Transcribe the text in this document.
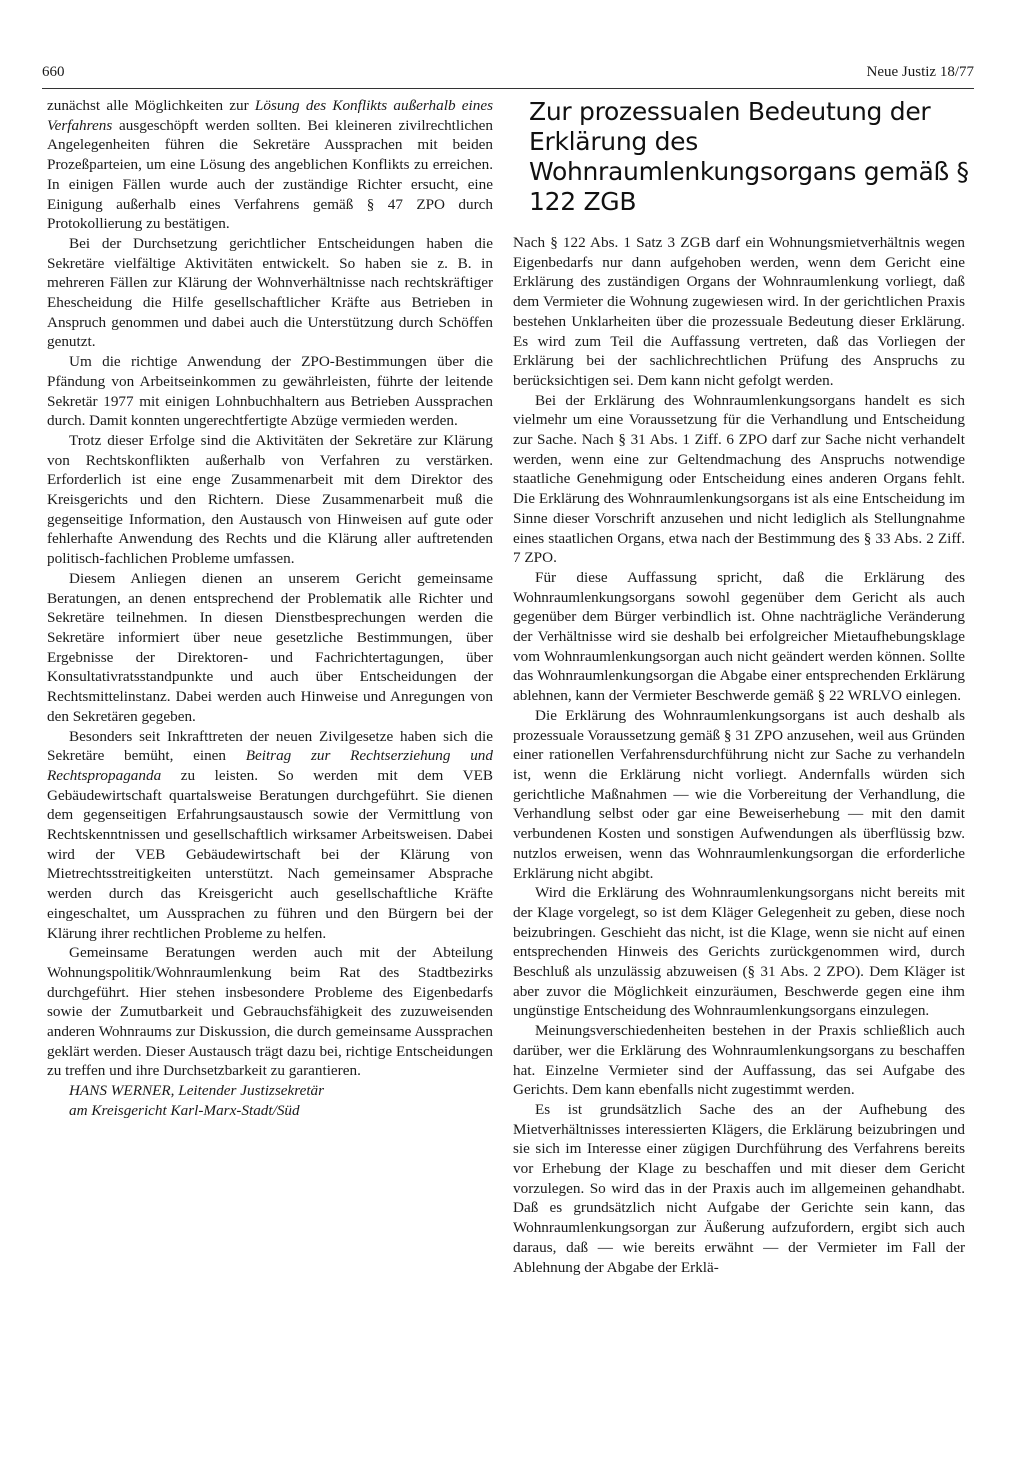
660	Neue Justiz 18/77

zunächst alle Möglichkeiten zur Lösung des Konflikts außerhalb eines Verfahrens ausgeschöpft werden sollten. Bei kleineren zivilrechtlichen Angelegenheiten führen die Sekretäre Aussprachen mit beiden Prozeßparteien, um eine Lösung des angeblichen Konflikts zu erreichen. In einigen Fällen wurde auch der zuständige Richter ersucht, eine Einigung außerhalb eines Verfahrens gemäß § 47 ZPO durch Protokollierung zu bestätigen.

Bei der Durchsetzung gerichtlicher Entscheidungen haben die Sekretäre vielfältige Aktivitäten entwickelt. So haben sie z. B. in mehreren Fällen zur Klärung der Wohnverhältnisse nach rechtskräftiger Ehescheidung die Hilfe gesellschaftlicher Kräfte aus Betrieben in Anspruch genommen und dabei auch die Unterstützung durch Schöffen genutzt.

Um die richtige Anwendung der ZPO-Bestimmungen über die Pfändung von Arbeitseinkommen zu gewährleisten, führte der leitende Sekretär 1977 mit einigen Lohnbuchhaltern aus Betrieben Aussprachen durch. Damit konnten ungerechtfertigte Abzüge vermieden werden.

Trotz dieser Erfolge sind die Aktivitäten der Sekretäre zur Klärung von Rechtskonflikten außerhalb von Verfahren zu verstärken. Erforderlich ist eine enge Zusammenarbeit mit dem Direktor des Kreisgerichts und den Richtern. Diese Zusammenarbeit muß die gegenseitige Information, den Austausch von Hinweisen auf gute oder fehlerhafte Anwendung des Rechts und die Klärung aller auftretenden politisch-fachlichen Probleme umfassen.

Diesem Anliegen dienen an unserem Gericht gemeinsame Beratungen, an denen entsprechend der Problematik alle Richter und Sekretäre teilnehmen. In diesen Dienstbesprechungen werden die Sekretäre informiert über neue gesetzliche Bestimmungen, über Ergebnisse der Direktoren- und Fachrichtertagungen, über Konsultativratsstandpunkte und auch über Entscheidungen der Rechtsmittelinstanz. Dabei werden auch Hinweise und Anregungen von den Sekretären gegeben.

Besonders seit Inkrafttreten der neuen Zivilgesetze haben sich die Sekretäre bemüht, einen Beitrag zur Rechtserziehung und Rechtspropaganda zu leisten. So werden mit dem VEB Gebäudewirtschaft quartalsweise Beratungen durchgeführt. Sie dienen dem gegenseitigen Erfahrungsaustausch sowie der Vermittlung von Rechtskenntnissen und gesellschaftlich wirksamer Arbeitsweisen. Dabei wird der VEB Gebäudewirtschaft bei der Klärung von Mietrechtsstreitigkeiten unterstützt. Nach gemeinsamer Absprache werden durch das Kreisgericht auch gesellschaftliche Kräfte eingeschaltet, um Aussprachen zu führen und den Bürgern bei der Klärung ihrer rechtlichen Probleme zu helfen.

Gemeinsame Beratungen werden auch mit der Abteilung Wohnungspolitik/Wohnraumlenkung beim Rat des Stadtbezirks durchgeführt. Hier stehen insbesondere Probleme des Eigenbedarfs sowie der Zumutbarkeit und Gebrauchsfähigkeit des zuzuweisenden anderen Wohnraums zur Diskussion, die durch gemeinsame Aussprachen geklärt werden. Dieser Austausch trägt dazu bei, richtige Entscheidungen zu treffen und ihre Durchsetzbarkeit zu garantieren.

HANS WERNER, Leitender Justizsekretär
am Kreisgericht Karl-Marx-Stadt/Süd

Zur prozessualen Bedeutung der Erklärung des Wohnraumlenkungsorgans gemäß § 122 ZGB

Nach § 122 Abs. 1 Satz 3 ZGB darf ein Wohnungsmietverhältnis wegen Eigenbedarfs nur dann aufgehoben werden, wenn dem Gericht eine Erklärung des zuständigen Organs der Wohnraumlenkung vorliegt, daß dem Vermieter die Wohnung zugewiesen wird. In der gerichtlichen Praxis bestehen Unklarheiten über die prozessuale Bedeutung dieser Erklärung. Es wird zum Teil die Auffassung vertreten, daß das Vorliegen der Erklärung bei der sachlichrechtlichen Prüfung des Anspruchs zu berücksichtigen sei. Dem kann nicht gefolgt werden.

Bei der Erklärung des Wohnraumlenkungsorgans handelt es sich vielmehr um eine Voraussetzung für die Verhandlung und Entscheidung zur Sache. Nach § 31 Abs. 1 Ziff. 6 ZPO darf zur Sache nicht verhandelt werden, wenn eine zur Geltendmachung des Anspruchs notwendige staatliche Genehmigung oder Entscheidung eines anderen Organs fehlt. Die Erklärung des Wohnraumlenkungsorgans ist als eine Entscheidung im Sinne dieser Vorschrift anzusehen und nicht lediglich als Stellungnahme eines staatlichen Organs, etwa nach der Bestimmung des § 33 Abs. 2 Ziff. 7 ZPO.

Für diese Auffassung spricht, daß die Erklärung des Wohnraumlenkungsorgans sowohl gegenüber dem Gericht als auch gegenüber dem Bürger verbindlich ist. Ohne nachträgliche Veränderung der Verhältnisse wird sie deshalb bei erfolgreicher Mietaufhebungsklage vom Wohnraumlenkungsorgan auch nicht geändert werden können. Sollte das Wohnraumlenkungsorgan die Abgabe einer entsprechenden Erklärung ablehnen, kann der Vermieter Beschwerde gemäß § 22 WRLVO einlegen.

Die Erklärung des Wohnraumlenkungsorgans ist auch deshalb als prozessuale Voraussetzung gemäß § 31 ZPO anzusehen, weil aus Gründen einer rationellen Verfahrensdurchführung nicht zur Sache zu verhandeln ist, wenn die Erklärung nicht vorliegt. Andernfalls würden sich gerichtliche Maßnahmen — wie die Vorbereitung der Verhandlung, die Verhandlung selbst oder gar eine Beweiserhebung — mit den damit verbundenen Kosten und sonstigen Aufwendungen als überflüssig bzw. nutzlos erweisen, wenn das Wohnraumlenkungsorgan die erforderliche Erklärung nicht abgibt.

Wird die Erklärung des Wohnraumlenkungsorgans nicht bereits mit der Klage vorgelegt, so ist dem Kläger Gelegenheit zu geben, diese noch beizubringen. Geschieht das nicht, ist die Klage, wenn sie nicht auf einen entsprechenden Hinweis des Gerichts zurückgenommen wird, durch Beschluß als unzulässig abzuweisen (§ 31 Abs. 2 ZPO). Dem Kläger ist aber zuvor die Möglichkeit einzuräumen, Beschwerde gegen eine ihm ungünstige Entscheidung des Wohnraumlenkungsorgans einzulegen.

Meinungsverschiedenheiten bestehen in der Praxis schließlich auch darüber, wer die Erklärung des Wohnraumlenkungsorgans zu beschaffen hat. Einzelne Vermieter sind der Auffassung, das sei Aufgabe des Gerichts. Dem kann ebenfalls nicht zugestimmt werden.

Es ist grundsätzlich Sache des an der Aufhebung des Mietverhältnisses interessierten Klägers, die Erklärung beizubringen und sie sich im Interesse einer zügigen Durchführung des Verfahrens bereits vor Erhebung der Klage zu beschaffen und mit dieser dem Gericht vorzulegen. So wird das in der Praxis auch im allgemeinen gehandhabt. Daß es grundsätzlich nicht Aufgabe der Gerichte sein kann, das Wohnraumlenkungsorgan zur Äußerung aufzufordern, ergibt sich auch daraus, daß — wie bereits erwähnt — der Vermieter im Fall der Ablehnung der Abgabe der Erklä-
